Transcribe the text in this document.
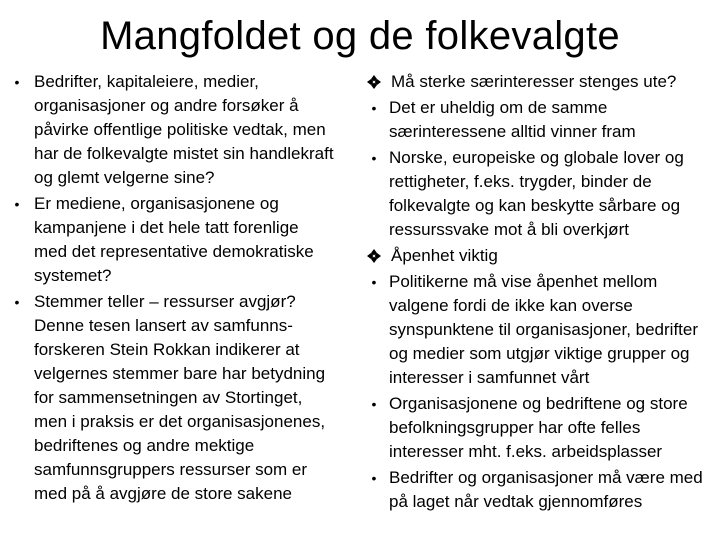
Mangfoldet og de folkevalgte
• Bedrifter, kapitaleiere, medier, organisasjoner og andre forsøker å påvirke offentlige politiske vedtak, men har de folkevalgte mistet sin handlekraft og glemt velgerne sine?
• Er mediene, organisasjonene og kampanjene i det hele tatt forenlige med det representative demokratiske systemet?
• Stemmer teller – ressurser avgjør? Denne tesen lansert av samfunns-forskeren Stein Rokkan indikerer at velgernes stemmer bare har betydning for sammensetningen av Stortinget, men i praksis er det organisasjonenes, bedriftenes og andre mektige samfunnsgruppers ressurser som er med på å avgjøre de store sakene
Må sterke særinteresser stenges ute?
• Det er uheldig om de samme særinteressene alltid vinner fram
• Norske, europeiske og globale lover og rettigheter, f.eks. trygder, binder de folkevalgte og kan beskytte sårbare og ressurssvake mot å bli overkjørt
Åpenhet viktig
• Politikerne må vise åpenhet mellom valgene fordi de ikke kan overse synspunktene til organisasjoner, bedrifter og medier som utgjør viktige grupper og interesser i samfunnet vårt
• Organisasjonene og bedriftene og store befolkningsgrupper har ofte felles interesser mht. f.eks. arbeidsplasser
• Bedrifter og organisasjoner må være med på laget når vedtak gjennomføres
